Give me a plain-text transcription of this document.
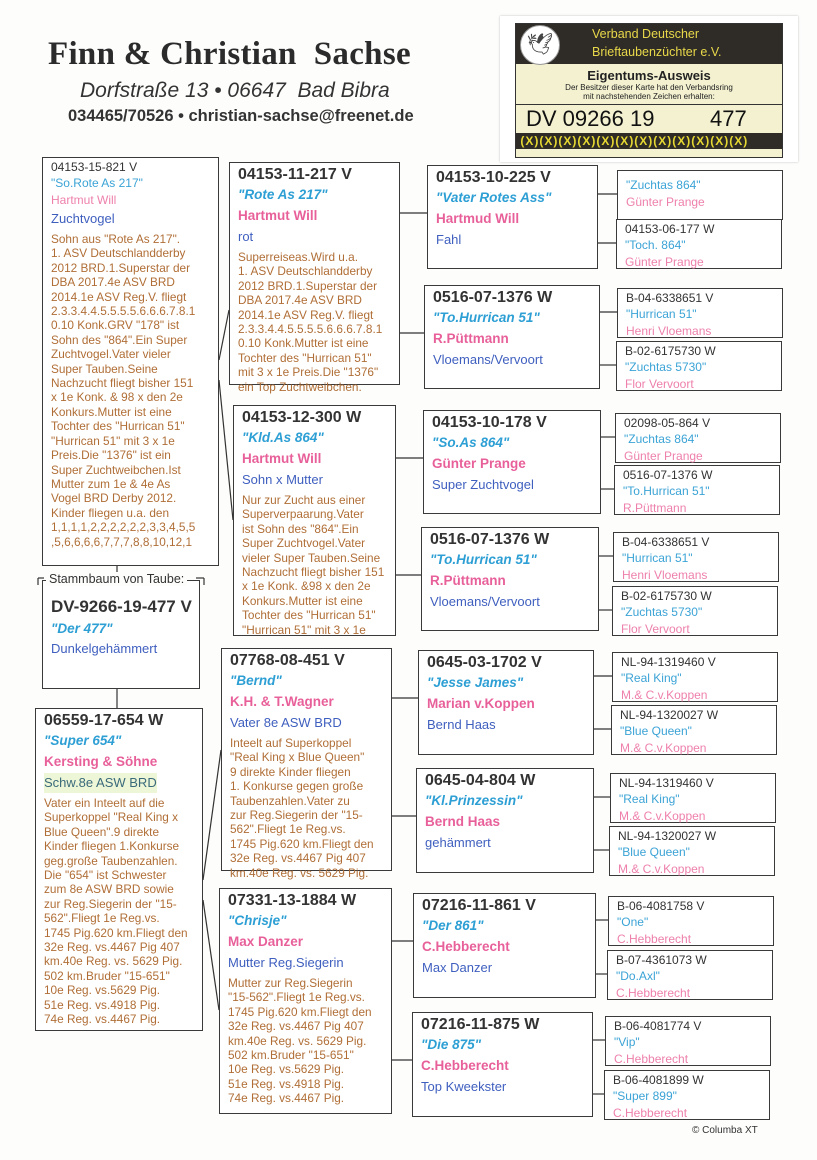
Finn & Christian  Sachse
Dorfstraße 13 • 06647  Bad Bibra
034465/70526 • christian-sachse@freenet.de
🕊	Verband Deutscher
Brieftaubenzüchter e.V.
Eigentums-Ausweis
Der Besitzer dieser Karte hat den Verbandsring
mit nachstehenden Zeichen erhalten:
DV 09266 19	477
(X)(X)(X)(X)(X)(X)(X)(X)(X)(X)(X)(X)
Stammbaum von Taube:
04153-15-821 V
"So.Rote As 217"
Hartmut Will
Zuchtvogel
Sohn aus "Rote As 217".
1. ASV Deutschlandderby
2012 BRD.1.Superstar der
DBA 2017.4e ASV BRD
2014.1e ASV Reg.V. fliegt
2.3.3.4.4.5.5.5.5.6.6.6.7.8.1
0.10 Konk.GRV "178" ist
Sohn des "864".Ein Super
Zuchtvogel.Vater vieler
Super Tauben.Seine
Nachzucht fliegt bisher 151
x 1e Konk. & 98 x den 2e
Konkurs.Mutter ist eine
Tochter des "Hurrican 51"
"Hurrican 51" mit 3 x 1e
Preis.Die "1376" ist ein
Super Zuchtweibchen.Ist
Mutter zum 1e & 4e As
Vogel BRD Derby 2012.
Kinder fliegen u.a. den
1,1,1,1,2,2,2,2,2,2,3,3,4,5,5
,5,6,6,6,6,7,7,7,8,8,10,12,1
DV-9266-19-477 V
"Der 477"
Dunkelgehämmert
06559-17-654 W
"Super 654"
Kersting & Söhne
Schw.8e ASW BRD
Vater ein Inteelt auf die
Superkoppel "Real King x
Blue Queen".9 direkte
Kinder fliegen 1.Konkurse
geg.große Taubenzahlen.
Die "654" ist Schwester
zum 8e ASW BRD sowie
zur Reg.Siegerin der "15-
562".Fliegt 1e Reg.vs.
1745 Pig.620 km.Fliegt den
32e Reg. vs.4467 Pig 407
km.40e Reg. vs. 5629 Pig.
502 km.Bruder "15-651"
10e Reg. vs.5629 Pig.
51e Reg. vs.4918 Pig.
74e Reg. vs.4467 Pig.
04153-11-217 V
"Rote As 217"
Hartmut Will
rot
Superreiseas.Wird u.a.
1. ASV Deutschlandderby
2012 BRD.1.Superstar der
DBA 2017.4e ASV BRD
2014.1e ASV Reg.V. fliegt
2.3.3.4.4.5.5.5.5.6.6.6.7.8.1
0.10 Konk.Mutter ist eine
Tochter des "Hurrican 51"
mit 3 x 1e Preis.Die "1376"
ein Top Zuchtweibchen.
04153-12-300 W
"Kld.As 864"
Hartmut Will
Sohn x Mutter
Nur zur Zucht aus einer
Superverpaarung.Vater
ist Sohn des "864".Ein
Super Zuchtvogel.Vater
vieler Super Tauben.Seine
Nachzucht fliegt bisher 151
x 1e Konk. &98 x den 2e
Konkurs.Mutter ist eine
Tochter des "Hurrican 51"
"Hurrican 51" mit 3 x 1e
07768-08-451 V
"Bernd"
K.H. & T.Wagner
Vater 8e ASW BRD
Inteelt auf Superkoppel
"Real King x Blue Queen"
9 direkte Kinder fliegen
1. Konkurse gegen große
Taubenzahlen.Vater zu
zur Reg.Siegerin der "15-
562".Fliegt 1e Reg.vs.
1745 Pig.620 km.Fliegt den
32e Reg. vs.4467 Pig 407
km.40e Reg. vs. 5629 Pig.
07331-13-1884 W
"Chrisje"
Max Danzer
Mutter Reg.Siegerin
Mutter zur Reg.Siegerin
"15-562".Fliegt 1e Reg.vs.
1745 Pig.620 km.Fliegt den
32e Reg. vs.4467 Pig 407
km.40e Reg. vs. 5629 Pig.
502 km.Bruder "15-651"
10e Reg. vs.5629 Pig.
51e Reg. vs.4918 Pig.
74e Reg. vs.4467 Pig.
04153-10-225 V
"Vater Rotes Ass"
Hartmud Will
Fahl
0516-07-1376 W
"To.Hurrican 51"
R.Püttmann
Vloemans/Vervoort
04153-10-178 V
"So.As 864"
Günter Prange
Super Zuchtvogel
0516-07-1376 W
"To.Hurrican 51"
R.Püttmann
Vloemans/Vervoort
0645-03-1702 V
"Jesse James"
Marian v.Koppen
Bernd Haas
0645-04-804 W
"Kl.Prinzessin"
Bernd Haas
gehämmert
07216-11-861 V
"Der 861"
C.Hebberecht
Max Danzer
07216-11-875 W
"Die 875"
C.Hebberecht
Top Kweekster
"Zuchtas 864"
Günter Prange
04153-06-177 W
"Toch. 864"
Günter Prange
B-04-6338651 V
"Hurrican 51"
Henri Vloemans
B-02-6175730 W
"Zuchtas 5730"
Flor Vervoort
02098-05-864 V
"Zuchtas 864"
Günter Prange
0516-07-1376 W
"To.Hurrican 51"
R.Püttmann
B-04-6338651 V
"Hurrican 51"
Henri Vloemans
B-02-6175730 W
"Zuchtas 5730"
Flor Vervoort
NL-94-1319460 V
"Real King"
M.& C.v.Koppen
NL-94-1320027 W
"Blue Queen"
M.& C.v.Koppen
NL-94-1319460 V
"Real King"
M.& C.v.Koppen
NL-94-1320027 W
"Blue Queen"
M.& C.v.Koppen
B-06-4081758 V
"One"
C.Hebberecht
B-07-4361073 W
"Do.Axl"
C.Hebberecht
B-06-4081774 V
"Vip"
C.Hebberecht
B-06-4081899 W
"Super 899"
C.Hebberecht
© Columba XT
